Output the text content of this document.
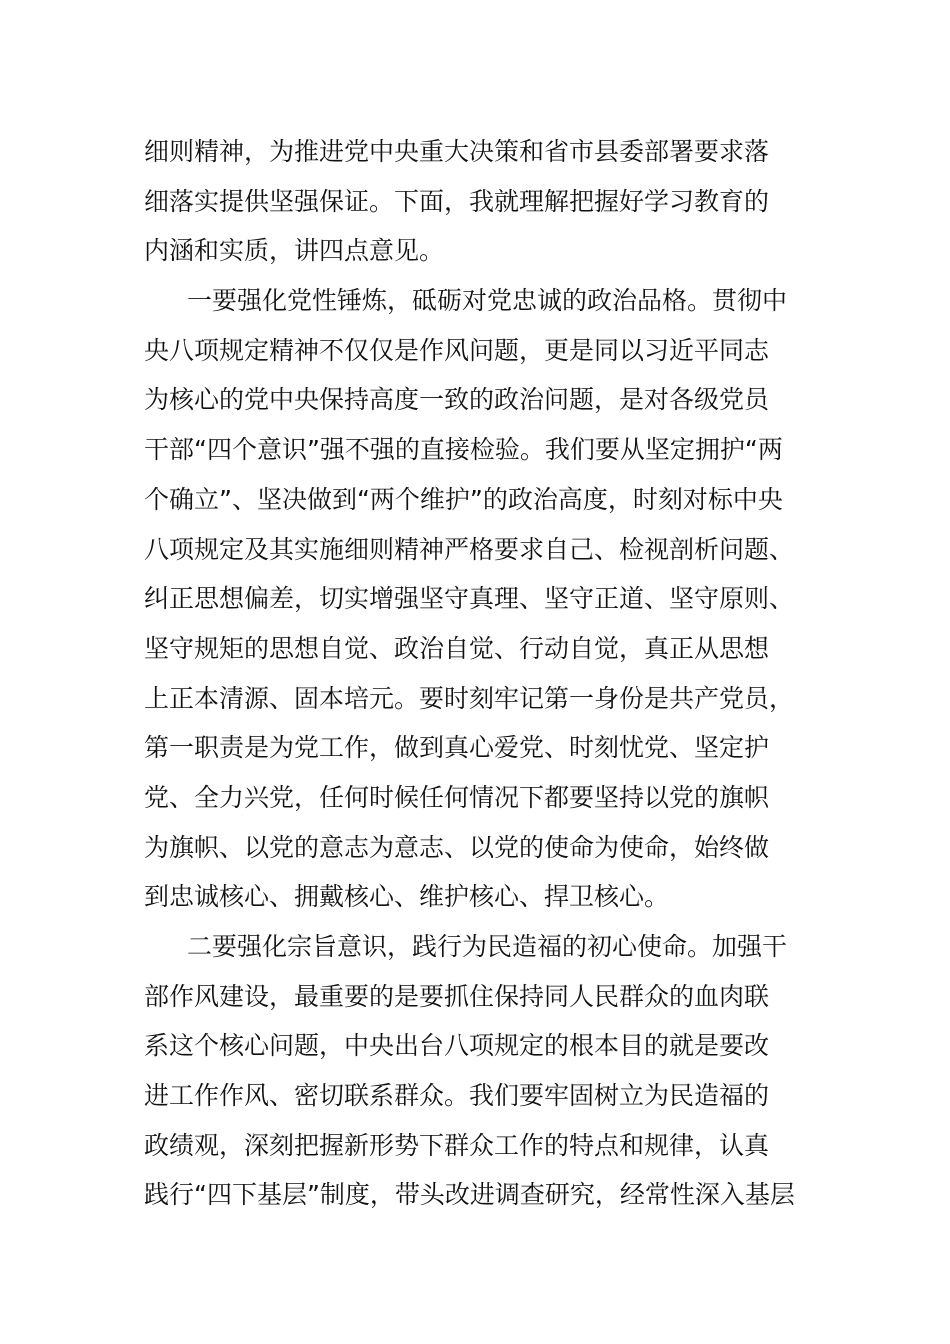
细则精神，为推进党中央重大决策和省市县委部署要求落
细落实提供坚强保证。下面，我就理解把握好学习教育的
内涵和实质，讲四点意见。
一要强化党性锤炼，砥砺对党忠诚的政治品格。贯彻中
央八项规定精神不仅仅是作风问题，更是同以习近平同志
为核心的党中央保持高度一致的政治问题，是对各级党员
干部“四个意识”强不强的直接检验。我们要从坚定拥护“两
个确立”、坚决做到“两个维护”的政治高度，时刻对标中央
八项规定及其实施细则精神严格要求自己、检视剖析问题、
纠正思想偏差，切实增强坚守真理、坚守正道、坚守原则、
坚守规矩的思想自觉、政治自觉、行动自觉，真正从思想
上正本清源、固本培元。要时刻牢记第一身份是共产党员，
第一职责是为党工作，做到真心爱党、时刻忧党、坚定护
党、全力兴党，任何时候任何情况下都要坚持以党的旗帜
为旗帜、以党的意志为意志、以党的使命为使命，始终做
到忠诚核心、拥戴核心、维护核心、捍卫核心。
二要强化宗旨意识，践行为民造福的初心使命。加强干
部作风建设，最重要的是要抓住保持同人民群众的血肉联
系这个核心问题，中央出台八项规定的根本目的就是要改
进工作作风、密切联系群众。我们要牢固树立为民造福的
政绩观，深刻把握新形势下群众工作的特点和规律，认真
践行“四下基层”制度，带头改进调查研究，经常性深入基层
